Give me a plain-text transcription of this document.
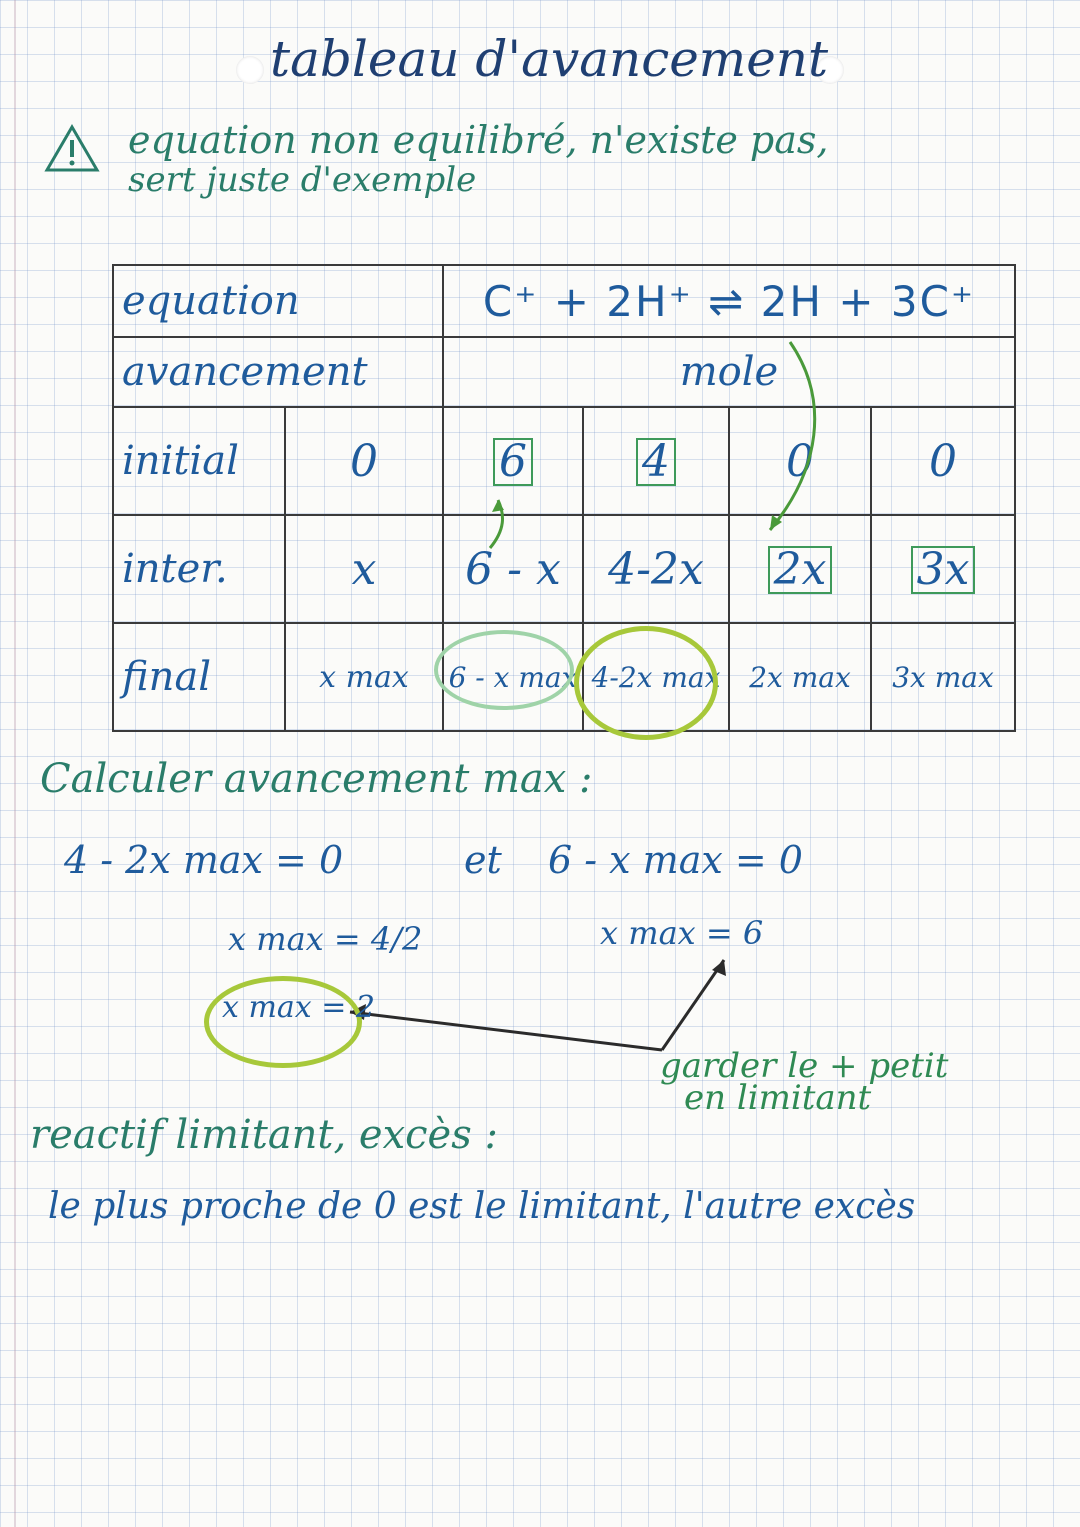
tableau d'avancement
equation non equilibré, n'existe pas,
sert juste d'exemple
equation		C⁺ + 2H⁺ ⇌ 2H + 3C⁺			
avancement		mole			
initial	0	6	4	0	0
inter.	x	6 - x	4-2x	2x	3x
final	x max	6 - x max	4-2x max	2x max	3x max
Calculer avancement max :
4 - 2x max = 0	et 6 - x max = 0
x max = 4/2	x max = 6
x max = 2
garder le + petit
en limitant
reactif limitant, excès :
le plus proche de 0 est le limitant, l'autre excès
